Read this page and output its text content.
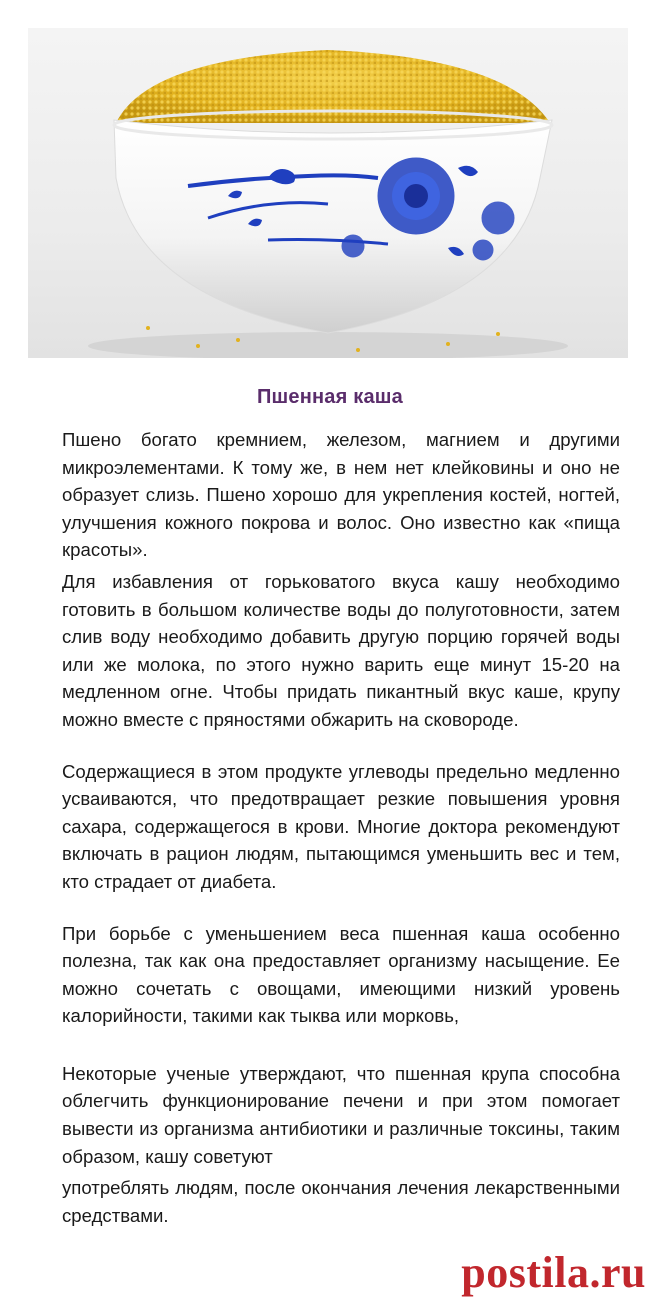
Пшенная каша

Пшено богато кремнием, железом, магнием и другими микроэлементами. К тому же, в нем нет клейковины и оно не образует слизь. Пшено хорошо для укрепления костей, ногтей, улучшения кожного покрова и волос. Оно известно как «пища красоты».

Для избавления от горьковатого вкуса кашу необходимо готовить в большом количестве воды до полуготовности, затем слив воду необходимо добавить другую порцию горячей воды или же молока, по этого нужно варить еще минут 15-20 на медленном огне. Чтобы придать пикантный вкус каше, крупу можно вместе с пряностями обжарить на сковороде.

Содержащиеся в этом продукте углеводы предельно медленно усваиваются, что предотвращает резкие повышения уровня сахара, содержащегося в крови. Многие доктора рекомендуют включать в рацион людям, пытающимся уменьшить вес и тем, кто страдает от диабета.

При борьбе с уменьшением веса пшенная каша особенно полезна, так как она предоставляет организму насыщение. Ее можно сочетать с овощами, имеющими низкий уровень калорийности, такими как тыква или морковь,

Некоторые ученые утверждают, что пшенная крупа способна облегчить функционирование печени и при этом помогает вывести из организма антибиотики и различные токсины, таким образом, кашу советуют

употреблять людям, после окончания лечения лекарственными средствами.

postila.ru
